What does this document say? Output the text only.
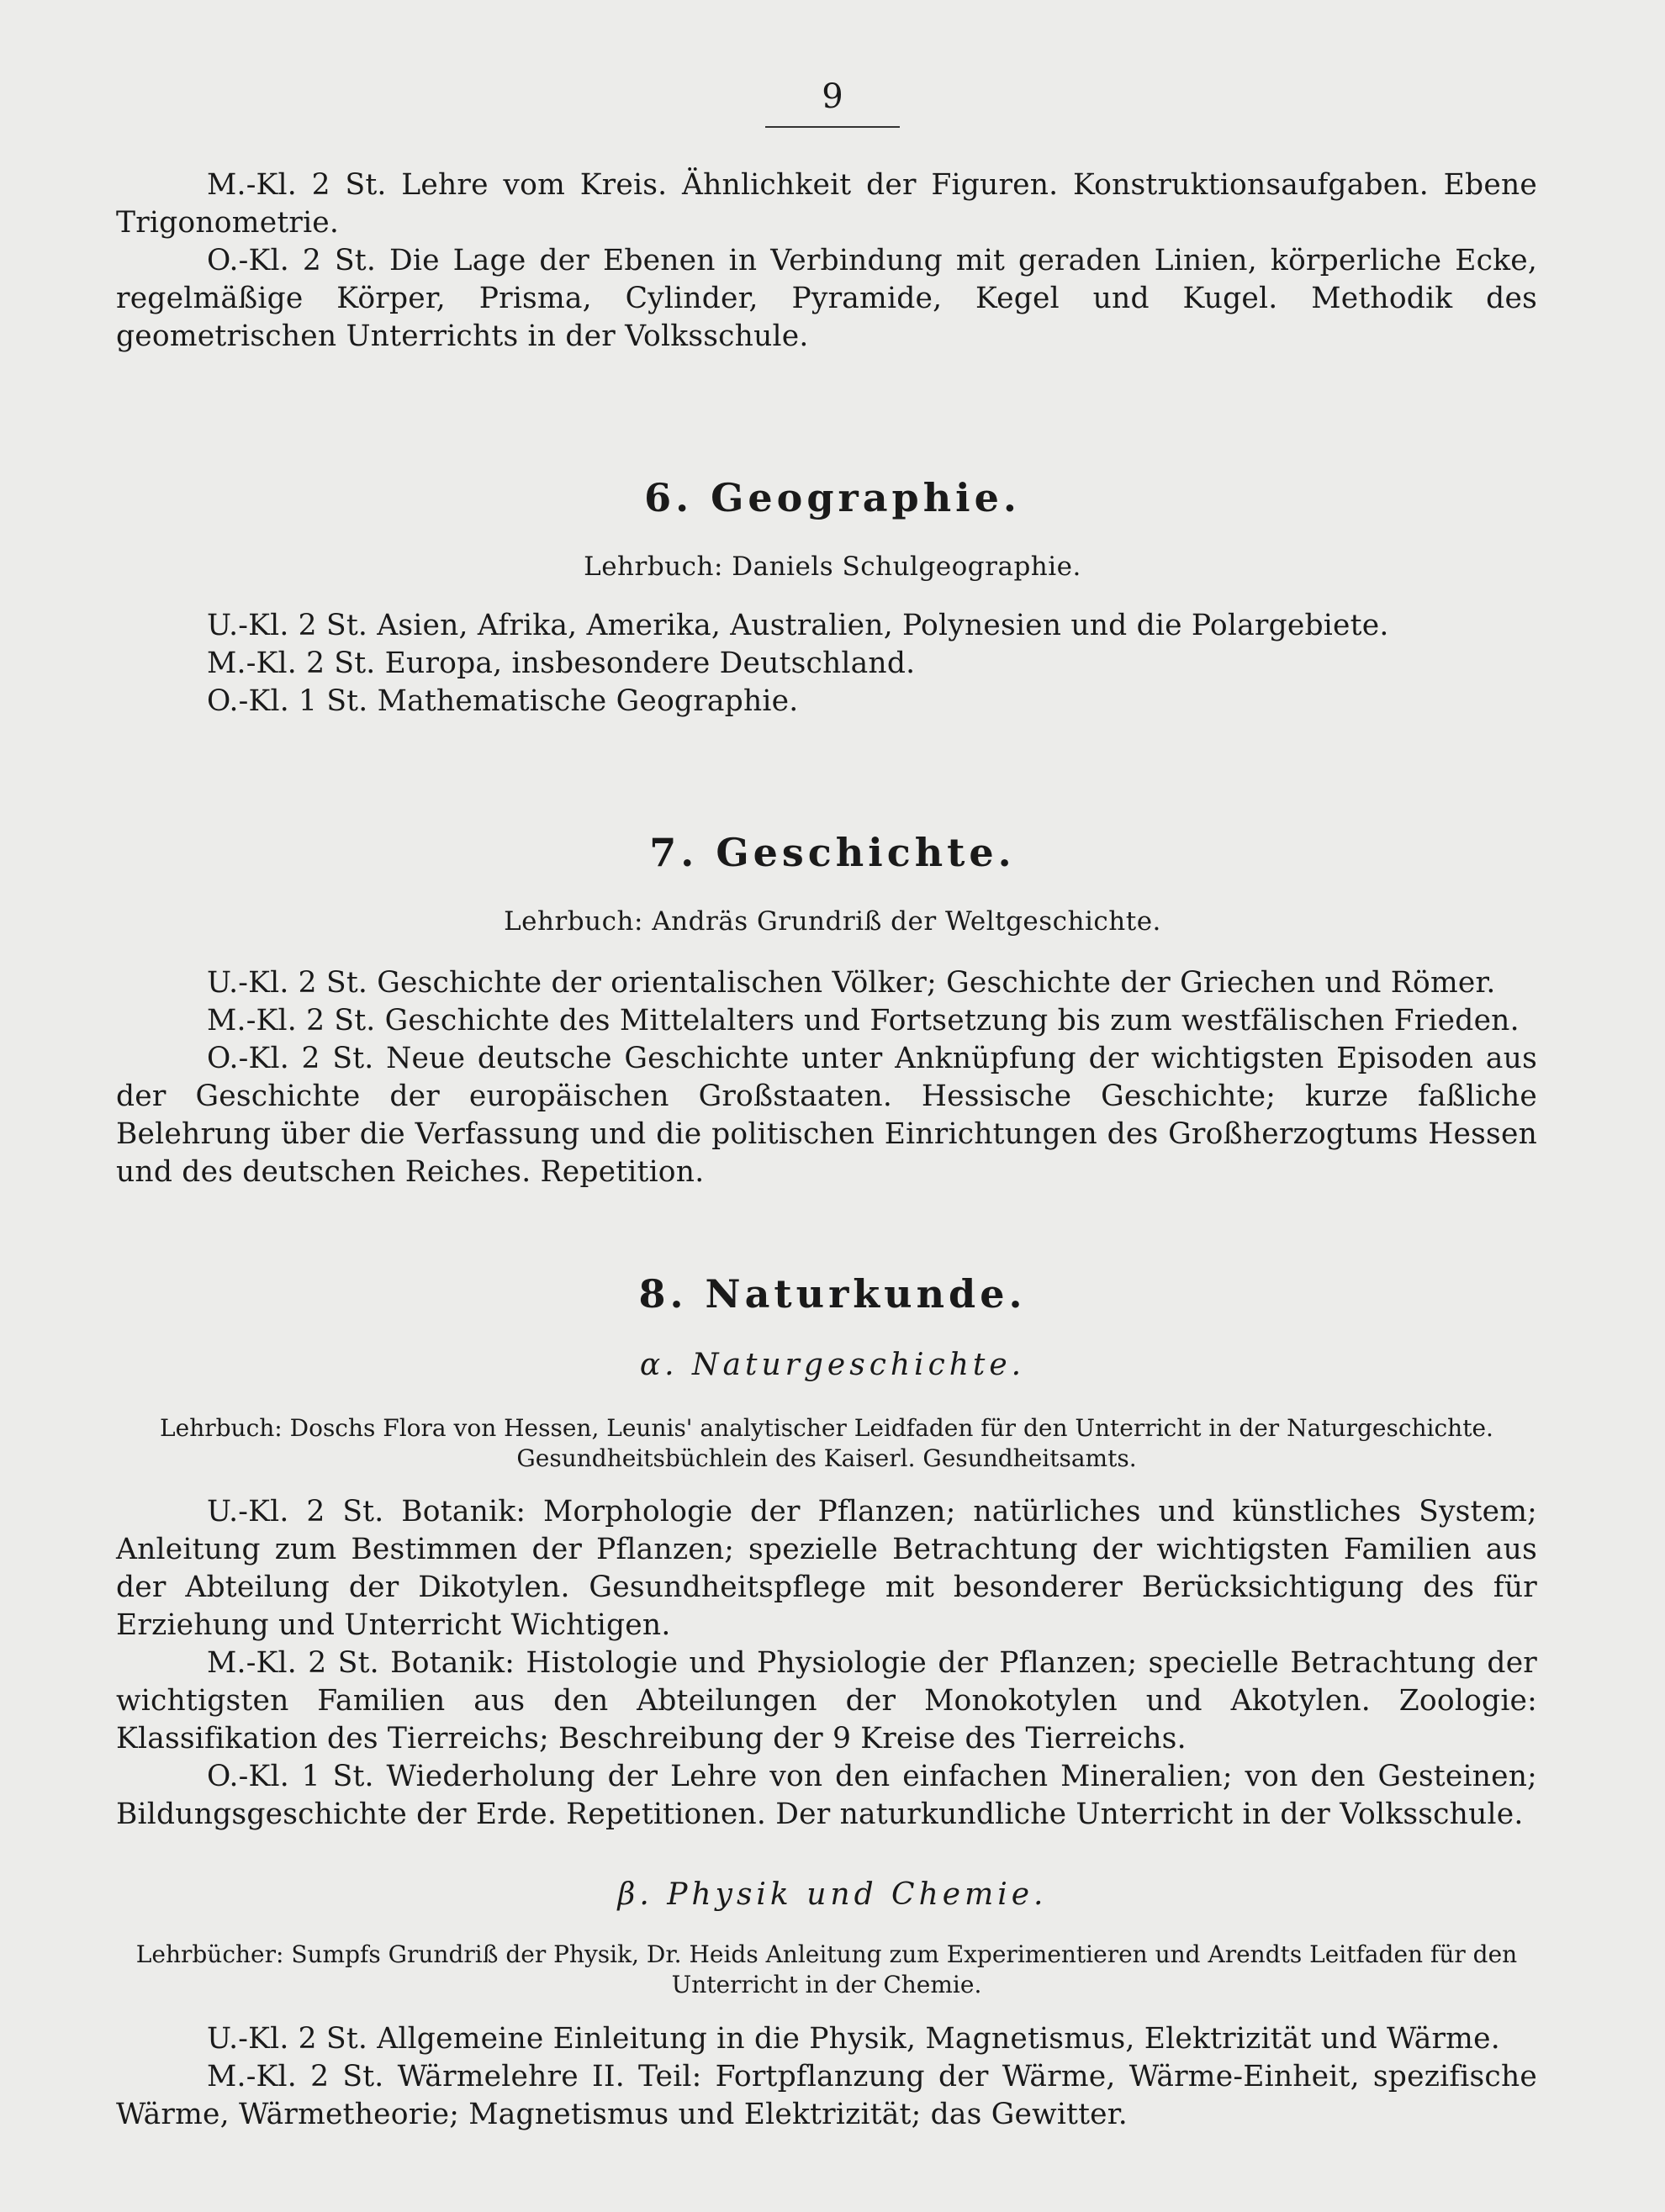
9

M.-Kl. 2 St. Lehre vom Kreis. Ähnlichkeit der Figuren. Konstruktionsaufgaben. Ebene Trigonometrie.

O.-Kl. 2 St. Die Lage der Ebenen in Verbindung mit geraden Linien, körperliche Ecke, regelmäßige Körper, Prisma, Cylinder, Pyramide, Kegel und Kugel. Methodik des geometrischen Unterrichts in der Volksschule.

6. Geographie.
Lehrbuch: Daniels Schulgeographie.

U.-Kl. 2 St. Asien, Afrika, Amerika, Australien, Polynesien und die Polargebiete.

M.-Kl. 2 St. Europa, insbesondere Deutschland.

O.-Kl. 1 St. Mathematische Geographie.

7. Geschichte.
Lehrbuch: Andräs Grundriß der Weltgeschichte.

U.-Kl. 2 St. Geschichte der orientalischen Völker; Geschichte der Griechen und Römer.

M.-Kl. 2 St. Geschichte des Mittelalters und Fortsetzung bis zum westfälischen Frieden.

O.-Kl. 2 St. Neue deutsche Geschichte unter Anknüpfung der wichtigsten Episoden aus der Geschichte der europäischen Großstaaten. Hessische Geschichte; kurze faßliche Belehrung über die Verfassung und die politischen Einrichtungen des Großherzogtums Hessen und des deutschen Reiches. Repetition.

8. Naturkunde.
α. Naturgeschichte.
Lehrbuch: Doschs Flora von Hessen, Leunis' analytischer Leidfaden für den Unterricht in der Naturgeschichte. Gesundheitsbüchlein des Kaiserl. Gesundheitsamts.

U.-Kl. 2 St. Botanik: Morphologie der Pflanzen; natürliches und künstliches System; Anleitung zum Bestimmen der Pflanzen; spezielle Betrachtung der wichtigsten Familien aus der Abteilung der Dikotylen. Gesundheitspflege mit besonderer Berücksichtigung des für Erziehung und Unterricht Wichtigen.

M.-Kl. 2 St. Botanik: Histologie und Physiologie der Pflanzen; specielle Betrachtung der wichtigsten Familien aus den Abteilungen der Monokotylen und Akotylen. Zoologie: Klassifikation des Tierreichs; Beschreibung der 9 Kreise des Tierreichs.

O.-Kl. 1 St. Wiederholung der Lehre von den einfachen Mineralien; von den Gesteinen; Bildungsgeschichte der Erde. Repetitionen. Der naturkundliche Unterricht in der Volksschule.

β. Physik und Chemie.
Lehrbücher: Sumpfs Grundriß der Physik, Dr. Heids Anleitung zum Experimentieren und Arendts Leitfaden für den Unterricht in der Chemie.

U.-Kl. 2 St. Allgemeine Einleitung in die Physik, Magnetismus, Elektrizität und Wärme.

M.-Kl. 2 St. Wärmelehre II. Teil: Fortpflanzung der Wärme, Wärme-Einheit, spezifische Wärme, Wärmetheorie; Magnetismus und Elektrizität; das Gewitter.
